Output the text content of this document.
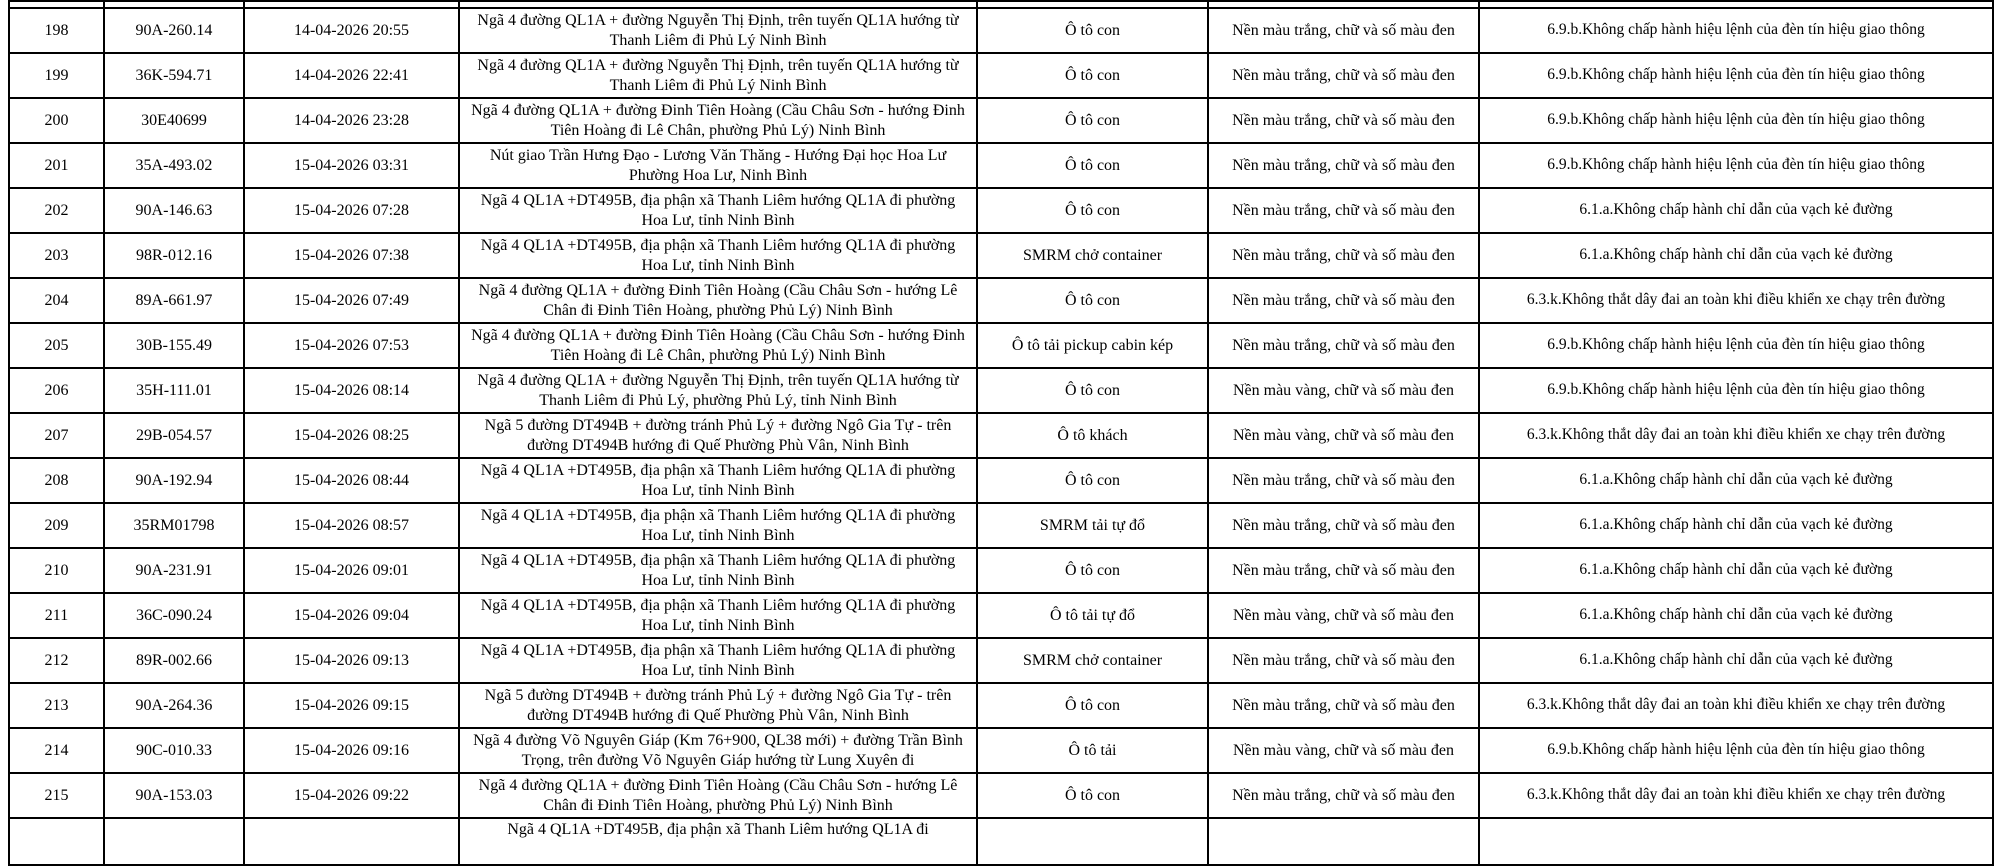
198	90A-260.14	14-04-2026 20:55	Ngã 4 đường QL1A + đường Nguyễn Thị Định, trên tuyến QL1A hướng từ Thanh Liêm đi Phủ Lý Ninh Bình	Ô tô con	Nền màu trắng, chữ và số màu đen	6.9.b.Không chấp hành hiệu lệnh của đèn tín hiệu giao thông
199	36K-594.71	14-04-2026 22:41	Ngã 4 đường QL1A + đường Nguyễn Thị Định, trên tuyến QL1A hướng từ Thanh Liêm đi Phủ Lý Ninh Bình	Ô tô con	Nền màu trắng, chữ và số màu đen	6.9.b.Không chấp hành hiệu lệnh của đèn tín hiệu giao thông
200	30E40699	14-04-2026 23:28	Ngã 4 đường QL1A + đường Đinh Tiên Hoàng (Cầu Châu Sơn - hướng Đinh Tiên Hoàng đi Lê Chân, phường Phủ Lý) Ninh Bình	Ô tô con	Nền màu trắng, chữ và số màu đen	6.9.b.Không chấp hành hiệu lệnh của đèn tín hiệu giao thông
201	35A-493.02	15-04-2026 03:31	Nút giao Trần Hưng Đạo - Lương Văn Thăng - Hướng Đại học Hoa Lư Phường Hoa Lư, Ninh Bình	Ô tô con	Nền màu trắng, chữ và số màu đen	6.9.b.Không chấp hành hiệu lệnh của đèn tín hiệu giao thông
202	90A-146.63	15-04-2026 07:28	Ngã 4 QL1A +DT495B, địa phận xã Thanh Liêm hướng QL1A đi phường Hoa Lư, tỉnh Ninh Bình	Ô tô con	Nền màu trắng, chữ và số màu đen	6.1.a.Không chấp hành chỉ dẫn của vạch kẻ đường
203	98R-012.16	15-04-2026 07:38	Ngã 4 QL1A +DT495B, địa phận xã Thanh Liêm hướng QL1A đi phường Hoa Lư, tỉnh Ninh Bình	SMRM chở container	Nền màu trắng, chữ và số màu đen	6.1.a.Không chấp hành chỉ dẫn của vạch kẻ đường
204	89A-661.97	15-04-2026 07:49	Ngã 4 đường QL1A + đường Đinh Tiên Hoàng (Cầu Châu Sơn - hướng Lê Chân đi Đinh Tiên Hoàng, phường Phủ Lý) Ninh Bình	Ô tô con	Nền màu trắng, chữ và số màu đen	6.3.k.Không thắt dây đai an toàn khi điều khiển xe chạy trên đường
205	30B-155.49	15-04-2026 07:53	Ngã 4 đường QL1A + đường Đinh Tiên Hoàng (Cầu Châu Sơn - hướng Đinh Tiên Hoàng đi Lê Chân, phường Phủ Lý) Ninh Bình	Ô tô tải pickup cabin kép	Nền màu trắng, chữ và số màu đen	6.9.b.Không chấp hành hiệu lệnh của đèn tín hiệu giao thông
206	35H-111.01	15-04-2026 08:14	Ngã 4 đường QL1A + đường Nguyễn Thị Định, trên tuyến QL1A hướng từ Thanh Liêm đi Phủ Lý, phường Phủ Lý, tỉnh Ninh Bình	Ô tô con	Nền màu vàng, chữ và số màu đen	6.9.b.Không chấp hành hiệu lệnh của đèn tín hiệu giao thông
207	29B-054.57	15-04-2026 08:25	Ngã 5 đường DT494B + đường tránh Phủ Lý + đường Ngô Gia Tự - trên đường DT494B hướng đi Quế Phường Phù Vân, Ninh Bình	Ô tô khách	Nền màu vàng, chữ và số màu đen	6.3.k.Không thắt dây đai an toàn khi điều khiển xe chạy trên đường
208	90A-192.94	15-04-2026 08:44	Ngã 4 QL1A +DT495B, địa phận xã Thanh Liêm hướng QL1A đi phường Hoa Lư, tỉnh Ninh Bình	Ô tô con	Nền màu trắng, chữ và số màu đen	6.1.a.Không chấp hành chỉ dẫn của vạch kẻ đường
209	35RM01798	15-04-2026 08:57	Ngã 4 QL1A +DT495B, địa phận xã Thanh Liêm hướng QL1A đi phường Hoa Lư, tỉnh Ninh Bình	SMRM tải tự đổ	Nền màu trắng, chữ và số màu đen	6.1.a.Không chấp hành chỉ dẫn của vạch kẻ đường
210	90A-231.91	15-04-2026 09:01	Ngã 4 QL1A +DT495B, địa phận xã Thanh Liêm hướng QL1A đi phường Hoa Lư, tỉnh Ninh Bình	Ô tô con	Nền màu trắng, chữ và số màu đen	6.1.a.Không chấp hành chỉ dẫn của vạch kẻ đường
211	36C-090.24	15-04-2026 09:04	Ngã 4 QL1A +DT495B, địa phận xã Thanh Liêm hướng QL1A đi phường Hoa Lư, tỉnh Ninh Bình	Ô tô tải tự đổ	Nền màu vàng, chữ và số màu đen	6.1.a.Không chấp hành chỉ dẫn của vạch kẻ đường
212	89R-002.66	15-04-2026 09:13	Ngã 4 QL1A +DT495B, địa phận xã Thanh Liêm hướng QL1A đi phường Hoa Lư, tỉnh Ninh Bình	SMRM chở container	Nền màu trắng, chữ và số màu đen	6.1.a.Không chấp hành chỉ dẫn của vạch kẻ đường
213	90A-264.36	15-04-2026 09:15	Ngã 5 đường DT494B + đường tránh Phủ Lý + đường Ngô Gia Tự - trên đường DT494B hướng đi Quế Phường Phù Vân, Ninh Bình	Ô tô con	Nền màu trắng, chữ và số màu đen	6.3.k.Không thắt dây đai an toàn khi điều khiển xe chạy trên đường
214	90C-010.33	15-04-2026 09:16	Ngã 4 đường Võ Nguyên Giáp (Km 76+900, QL38 mới) + đường Trần Bình Trọng, trên đường Võ Nguyên Giáp hướng từ Lung Xuyên đi	Ô tô tải	Nền màu vàng, chữ và số màu đen	6.9.b.Không chấp hành hiệu lệnh của đèn tín hiệu giao thông
215	90A-153.03	15-04-2026 09:22	Ngã 4 đường QL1A + đường Đinh Tiên Hoàng (Cầu Châu Sơn - hướng Lê Chân đi Đinh Tiên Hoàng, phường Phủ Lý) Ninh Bình	Ô tô con	Nền màu trắng, chữ và số màu đen	6.3.k.Không thắt dây đai an toàn khi điều khiển xe chạy trên đường
			Ngã 4 QL1A +DT495B, địa phận xã Thanh Liêm hướng QL1A đi			
